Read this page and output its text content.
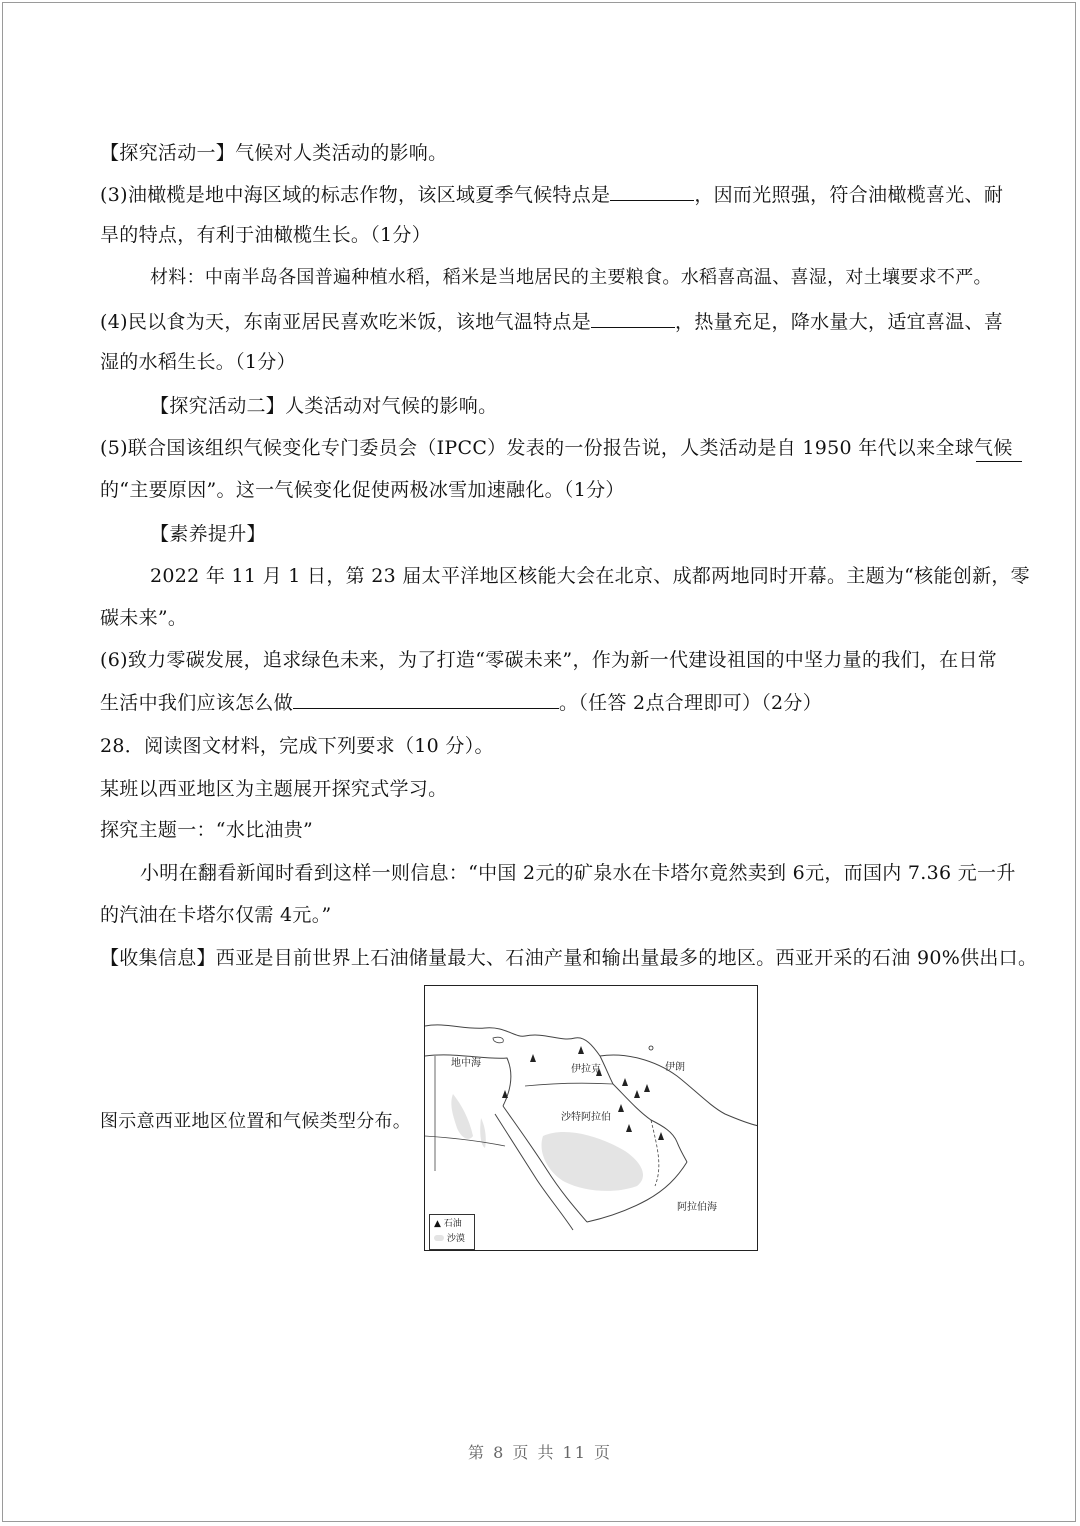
【探究活动一】气候对人类活动的影响。
(3)油橄榄是地中海区域的标志作物，该区域夏季气候特点是	，因而光照强，符合油橄榄喜光、耐
旱的特点，有利于油橄榄生长。（1分）
材料：中南半岛各国普遍种植水稻，稻米是当地居民的主要粮食。水稻喜高温、喜湿，对土壤要求不严。
(4)民以食为天，东南亚居民喜欢吃米饭，该地气温特点是	，热量充足，降水量大，适宜喜温、喜
湿的水稻生长。（1分）
【探究活动二】人类活动对气候的影响。
(5)联合国该组织气候变化专门委员会（IPCC）发表的一份报告说，人类活动是自 1950 年代以来全球气候
的“主要原因”。这一气候变化促使两极冰雪加速融化。（1分）
【素养提升】
2022 年 11 月 1 日，第 23 届太平洋地区核能大会在北京、成都两地同时开幕。主题为“核能创新，零
碳未来”。
(6)致力零碳发展，追求绿色未来，为了打造“零碳未来”，作为新一代建设祖国的中坚力量的我们，在日常
生活中我们应该怎么做	。（任答 2点合理即可）（2分）
28．阅读图文材料，完成下列要求（10 分）。
某班以西亚地区为主题展开探究式学习。
探究主题一：“水比油贵”
小明在翻看新闻时看到这样一则信息：“中国 2元的矿泉水在卡塔尔竟然卖到 6元，而国内 7.36 元一升
的汽油在卡塔尔仅需 4元。”
【收集信息】西亚是目前世界上石油储量最大、石油产量和输出量最多的地区。西亚开采的石油 90%供出口。
图示意西亚地区位置和气候类型分布。
地中海
伊拉克	伊朗
沙特阿拉伯
阿拉伯海
▲ 石油
沙漠
第 8 页 共 11 页
